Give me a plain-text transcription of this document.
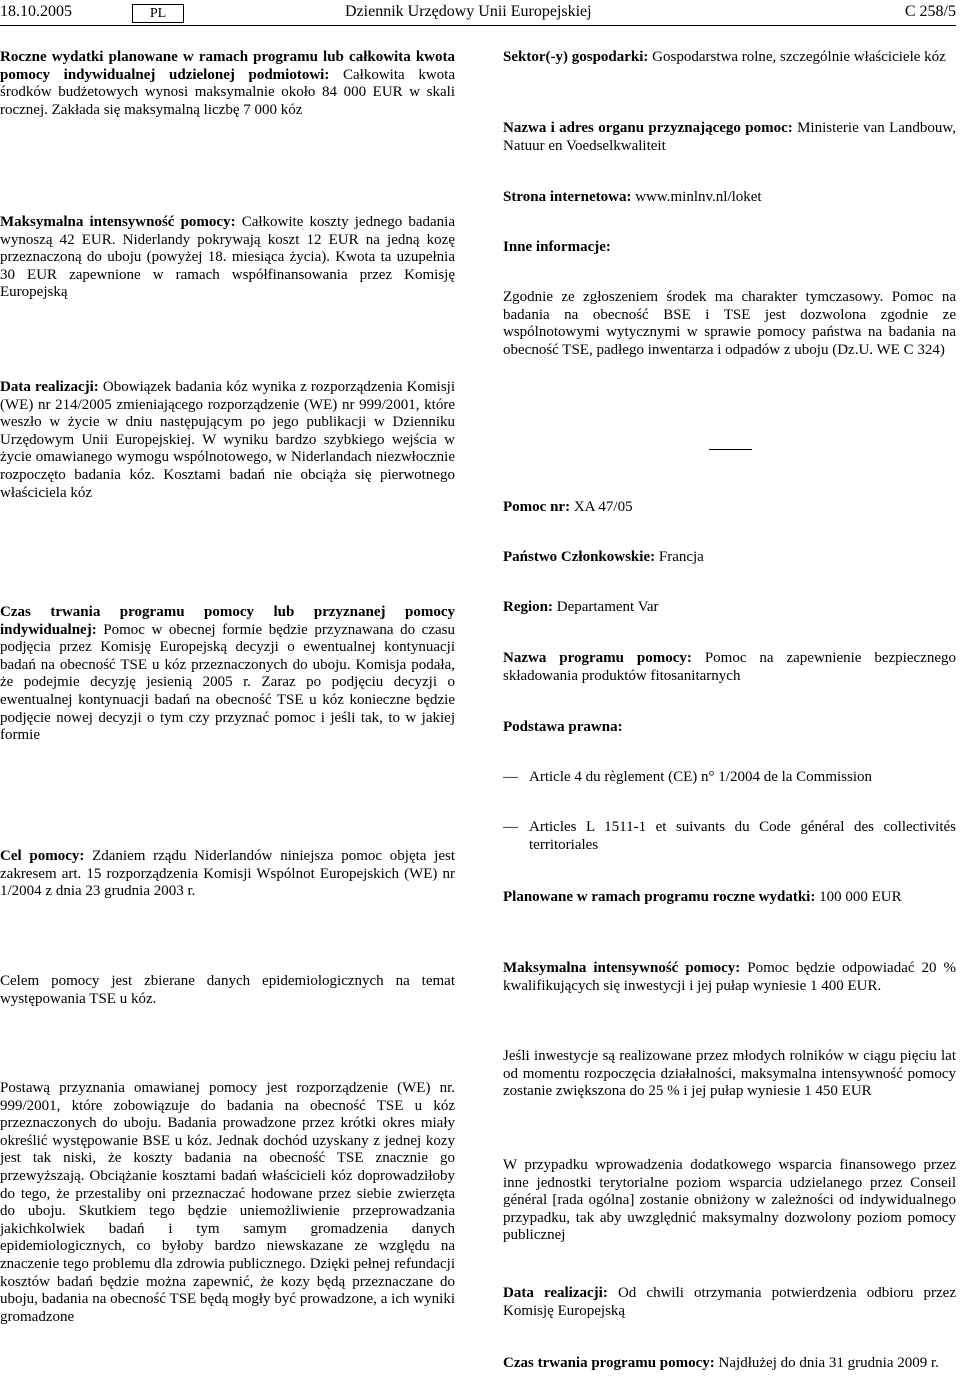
18.10.2005	PL	Dziennik Urzędowy Unii Europejskiej	C 258/5

Roczne wydatki planowane w ramach programu lub całkowita kwota pomocy indywidualnej udzielonej podmiotowi: Całkowita kwota środków budżetowych wynosi maksymalnie około 84 000 EUR w skali rocznej. Zakłada się maksymalną liczbę 7 000 kóz

Maksymalna intensywność pomocy: Całkowite koszty jednego badania wynoszą 42 EUR. Niderlandy pokrywają koszt 12 EUR na jedną kozę przeznaczoną do uboju (powyżej 18. miesiąca życia). Kwota ta uzupełnia 30 EUR zapewnione w ramach współfinansowania przez Komisję Europejską

Data realizacji: Obowiązek badania kóz wynika z rozporządzenia Komisji (WE) nr 214/2005 zmieniającego rozporządzenie (WE) nr 999/2001, które weszło w życie w dniu następującym po jego publikacji w Dzienniku Urzędowym Unii Europejskiej. W wyniku bardzo szybkiego wejścia w życie omawianego wymogu wspólnotowego, w Niderlandach niezwłocznie rozpoczęto badania kóz. Kosztami badań nie obciąża się pierwotnego właściciela kóz

Czas trwania programu pomocy lub przyznanej pomocy indywidualnej: Pomoc w obecnej formie będzie przyznawana do czasu podjęcia przez Komisję Europejską decyzji o ewentualnej kontynuacji badań na obecność TSE u kóz przeznaczonych do uboju. Komisja podała, że podejmie decyzję jesienią 2005 r. Zaraz po podjęciu decyzji o ewentualnej kontynuacji badań na obecność TSE u kóz konieczne będzie podjęcie nowej decyzji o tym czy przyznać pomoc i jeśli tak, to w jakiej formie

Cel pomocy: Zdaniem rządu Niderlandów niniejsza pomoc objęta jest zakresem art. 15 rozporządzenia Komisji Wspólnot Europejskich (WE) nr 1/2004 z dnia 23 grudnia 2003 r.

Celem pomocy jest zbierane danych epidemiologicznych na temat występowania TSE u kóz.

Postawą przyznania omawianej pomocy jest rozporządzenie (WE) nr. 999/2001, które zobowiązuje do badania na obecność TSE u kóz przeznaczonych do uboju. Badania prowadzone przez krótki okres miały określić występowanie BSE u kóz. Jednak dochód uzyskany z jednej kozy jest tak niski, że koszty badania na obecność TSE znacznie go przewyższają. Obciążanie kosztami badań właścicieli kóz doprowadziłoby do tego, że przestaliby oni przeznaczać hodowane przez siebie zwierzęta do uboju. Skutkiem tego będzie uniemożliwienie przeprowadzania jakichkolwiek badań i tym samym gromadzenia danych epidemiologicznych, co byłoby bardzo niewskazane ze względu na znaczenie tego problemu dla zdrowia publicznego. Dzięki pełnej refundacji kosztów badań będzie można zapewnić, że kozy będą przeznaczane do uboju, badania na obecność TSE będą mogły być prowadzone, a ich wyniki gromadzone

Sektor(-y) gospodarki: Gospodarstwa rolne, szczególnie właściciele kóz

Nazwa i adres organu przyznającego pomoc: Ministerie van Landbouw, Natuur en Voedselkwaliteit

Strona internetowa: www.minlnv.nl/loket

Inne informacje:

Zgodnie ze zgłoszeniem środek ma charakter tymczasowy. Pomoc na badania na obecność BSE i TSE jest dozwolona zgodnie ze wspólnotowymi wytycznymi w sprawie pomocy państwa na badania na obecność TSE, padłego inwentarza i odpadów z uboju (Dz.U. WE C 324)

Pomoc nr: XA 47/05

Państwo Członkowskie: Francja

Region: Departament Var

Nazwa programu pomocy: Pomoc na zapewnienie bezpiecznego składowania produktów fitosanitarnych

Podstawa prawna:

— Article 4 du règlement (CE) n° 1/2004 de la Commission
— Articles L 1511-1 et suivants du Code général des collectivités territoriales

Planowane w ramach programu roczne wydatki: 100 000 EUR

Maksymalna intensywność pomocy: Pomoc będzie odpowiadać 20 % kwalifikujących się inwestycji i jej pułap wyniesie 1 400 EUR.

Jeśli inwestycje są realizowane przez młodych rolników w ciągu pięciu lat od momentu rozpoczęcia działalności, maksymalna intensywność pomocy zostanie zwiększona do 25 % i jej pułap wyniesie 1 450 EUR

W przypadku wprowadzenia dodatkowego wsparcia finansowego przez inne jednostki terytorialne poziom wsparcia udzielanego przez Conseil général [rada ogólna] zostanie obniżony w zależności od indywidualnego przypadku, tak aby uwzględnić maksymalny dozwolony poziom pomocy publicznej

Data realizacji: Od chwili otrzymania potwierdzenia odbioru przez Komisję Europejską

Czas trwania programu pomocy: Najdłużej do dnia 31 grudnia 2009 r.
